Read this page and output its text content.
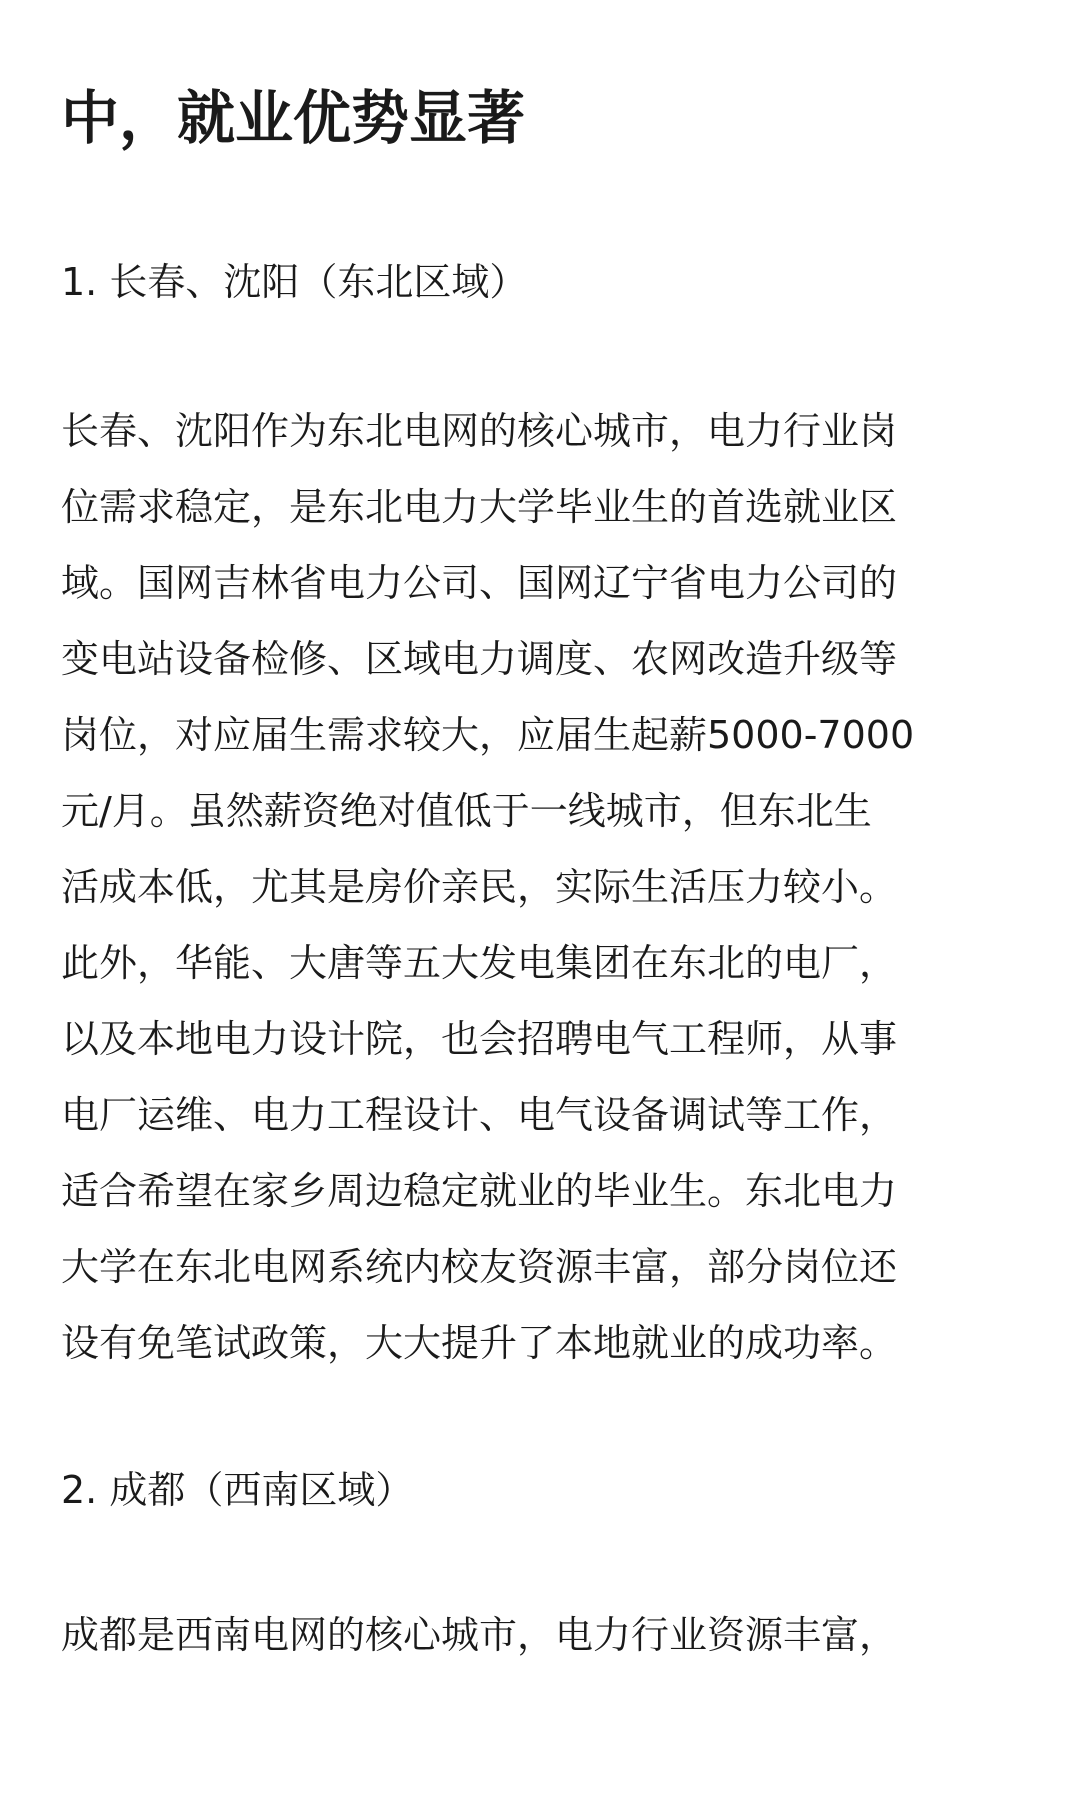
中，就业优势显著
1. 长春、沈阳（东北区域）

长春、沈阳作为东北电网的核心城市，电力行业岗
位需求稳定，是东北电力大学毕业生的首选就业区
域。国网吉林省电力公司、国网辽宁省电力公司的
变电站设备检修、区域电力调度、农网改造升级等
岗位，对应届生需求较大，应届生起薪5000-7000
元/月。虽然薪资绝对值低于一线城市，但东北生
活成本低，尤其是房价亲民，实际生活压力较小。
此外，华能、大唐等五大发电集团在东北的电厂，
以及本地电力设计院，也会招聘电气工程师，从事
电厂运维、电力工程设计、电气设备调试等工作，
适合希望在家乡周边稳定就业的毕业生。东北电力
大学在东北电网系统内校友资源丰富，部分岗位还
设有免笔试政策，大大提升了本地就业的成功率。

2. 成都（西南区域）

成都是西南电网的核心城市，电力行业资源丰富，
